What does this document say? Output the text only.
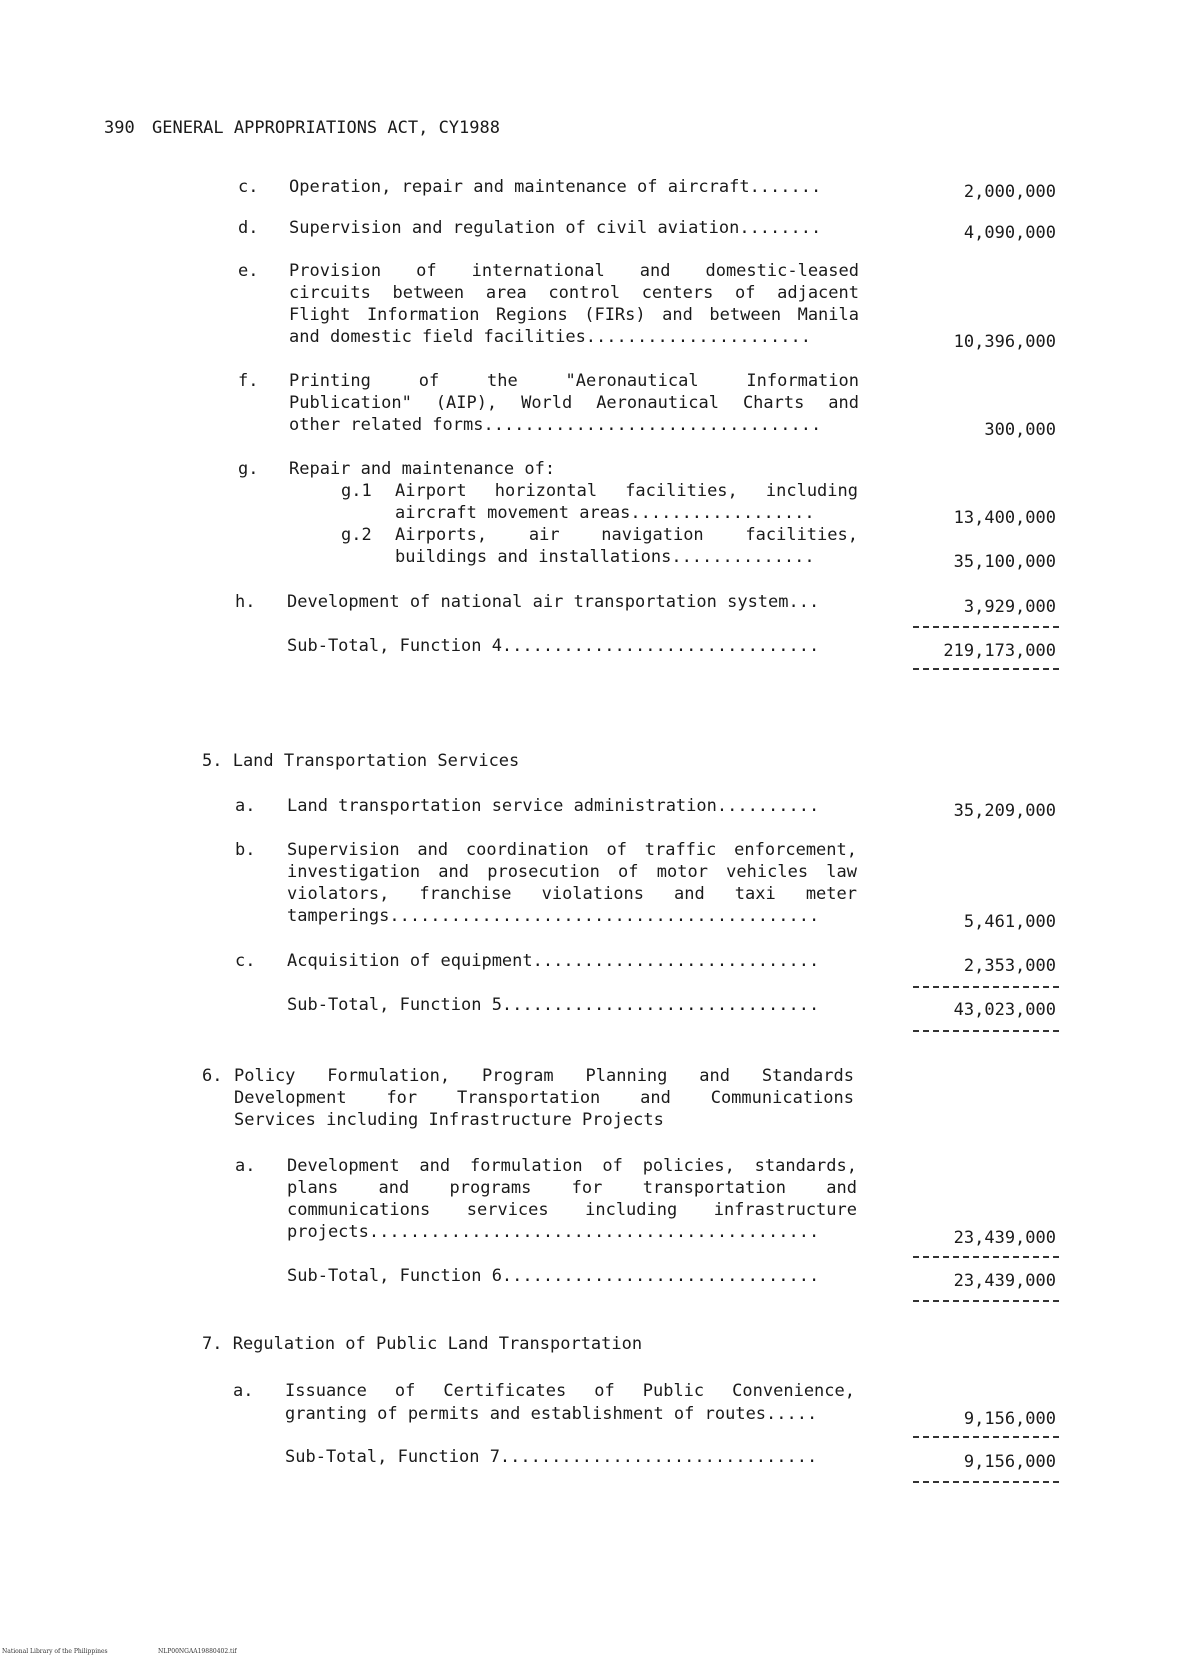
390 GENERAL APPROPRIATIONS ACT, CY1988
c. Operation, repair and maintenance of aircraft.......	2,000,000
d. Supervision and regulation of civil aviation........	4,090,000
e. Provision of international and domestic-leased
circuits between area control centers of adjacent
Flight Information Regions (FIRs) and between Manila
and domestic field facilities......................	10,396,000
f. Printing of the "Aeronautical Information
Publication" (AIP), World Aeronautical Charts and
other related forms.................................	300,000
g. Repair and maintenance of:
g.1 Airport horizontal facilities, including
aircraft movement areas..................	13,400,000
g.2 Airports, air navigation facilities,
buildings and installations..............	35,100,000
h. Development of national air transportation system...	3,929,000
Sub-Total, Function 4...............................	219,173,000
5. Land Transportation Services
a. Land transportation service administration..........	35,209,000
b. Supervision and coordination of traffic enforcement,
investigation and prosecution of motor vehicles law
violators, franchise violations and taxi meter
tamperings..........................................	5,461,000
c. Acquisition of equipment............................	2,353,000
Sub-Total, Function 5...............................	43,023,000
6. Policy Formulation, Program Planning and Standards
Development for Transportation and Communications
Services including Infrastructure Projects
a. Development and formulation of policies, standards,
plans and programs for transportation and
communications services including infrastructure
projects............................................	23,439,000
Sub-Total, Function 6...............................	23,439,000
7. Regulation of Public Land Transportation
a. Issuance of Certificates of Public Convenience,
granting of permits and establishment of routes.....	9,156,000
Sub-Total, Function 7...............................	9,156,000
National Library of the Philippines	NLP00NGAA19880402.tif
